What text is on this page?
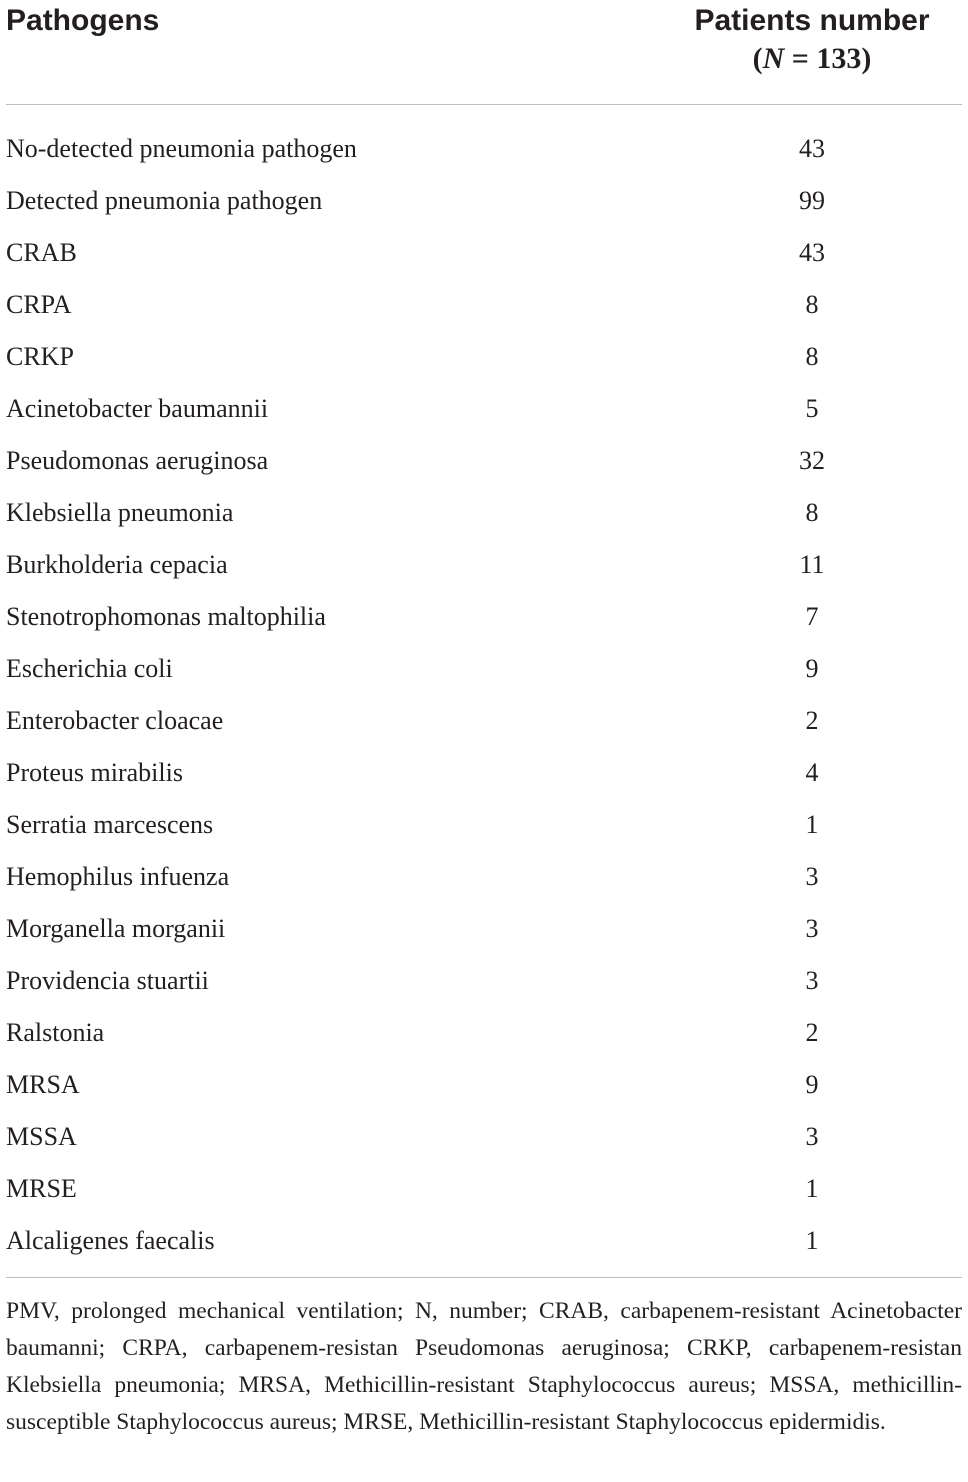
Pathogens	Patients number
(N = 133)
No-detected pneumonia pathogen	43
Detected pneumonia pathogen	99
CRAB	43
CRPA	8
CRKP	8
Acinetobacter baumannii	5
Pseudomonas aeruginosa	32
Klebsiella pneumonia	8
Burkholderia cepacia	11
Stenotrophomonas maltophilia	7
Escherichia coli	9
Enterobacter cloacae	2
Proteus mirabilis	4
Serratia marcescens	1
Hemophilus infuenza	3
Morganella morganii	3
Providencia stuartii	3
Ralstonia	2
MRSA	9
MSSA	3
MRSE	1
Alcaligenes faecalis	1
PMV, prolonged mechanical ventilation; N, number; CRAB, carbapenem-resistant Acinetobacter baumanni; CRPA, carbapenem-resistan Pseudomonas aeruginosa; CRKP, carbapenem-resistan Klebsiella pneumonia; MRSA, Methicillin-resistant Staphylococcus aureus; MSSA, methicillin-susceptible Staphylococcus aureus; MRSE, Methicillin-resistant Staphylococcus epidermidis.
